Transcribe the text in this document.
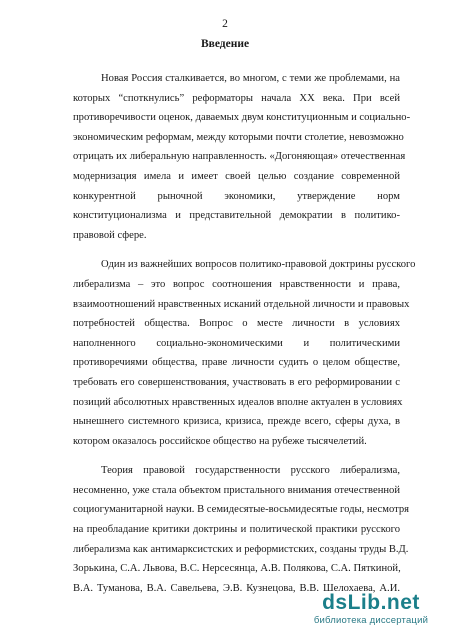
2
Введение

Новая Россия сталкивается, во многом, с теми же проблемами, на
которых “споткнулись” реформаторы начала XX века. При всей
противоречивости оценок, даваемых двум конституционным и социально-
экономическим реформам, между которыми почти столетие, невозможно
отрицать их либеральную направленность. «Догоняющая» отечественная
модернизация имела и имеет своей целью создание современной
конкурентной рыночной экономики, утверждение норм
конституционализма и представительной демократии в политико-
правовой сфере.

Один из важнейших вопросов политико-правовой доктрины русского
либерализма – это вопрос соотношения нравственности и права,
взаимоотношений нравственных исканий отдельной личности и правовых
потребностей общества. Вопрос о месте личности в условиях
наполненного социально-экономическими и политическими
противоречиями общества, праве личности судить о целом обществе,
требовать его совершенствования, участвовать в его реформировании с
позиций абсолютных нравственных идеалов вполне актуален в условиях
нынешнего системного кризиса, кризиса, прежде всего, сферы духа, в
котором оказалось российское общество на рубеже тысячелетий.

Теория правовой государственности русского либерализма,
несомненно, уже стала объектом пристального внимания отечественной
социогуманитарной науки. В семидесятые-восьмидесятые годы, несмотря
на преобладание критики доктрины и политической практики русского
либерализма как антимарксистских и реформистских, созданы труды В.Д.
Зорькина, С.А. Львова, В.С. Нерсесянца, А.В. Полякова, С.А. Пяткиной,
В.А. Туманова, В.А. Савельева, Э.В. Кузнецова, В.В. Шелохаева, А.И.

dsLib.net
библиотека диссертаций
